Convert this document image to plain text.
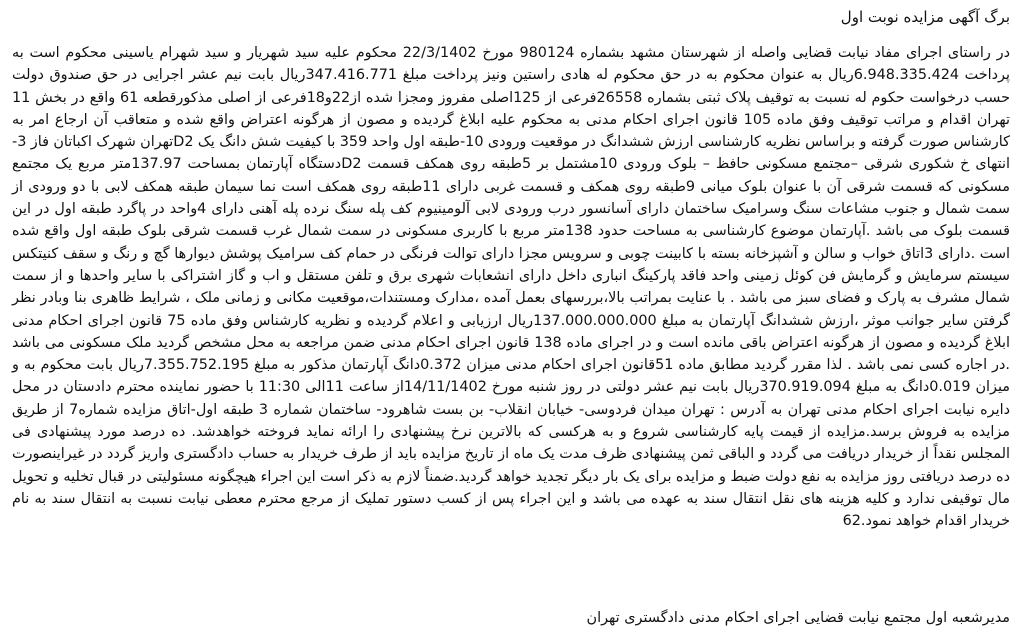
برگ آگهی مزایده نوبت اول

در راستای اجرای مفاد نیابت قضایی واصله از شهرستان مشهد بشماره 980124 مورخ 22/3/1402 محکوم علیه سید شهریار و سید شهرام یاسینی محکوم است به پرداخت 6.948.335.424ریال به عنوان محکوم به در حق محکوم له هادی راستین ونیز پرداخت مبلغ 347.416.771ریال بابت نیم عشر اجرایی در حق صندوق دولت حسب درخواست حکوم له نسبت به توقیف پلاک ثبتی بشماره 26558فرعی از 125اصلی مفروز ومجزا شده از22و18فرعی از اصلی مذکورقطعه 61 واقع در بخش 11 تهران اقدام و مراتب توقیف وفق ماده 105 قانون اجرای احکام مدنی به محکوم علیه ابلاغ گردیده و مصون از هرگونه اعتراض واقع شده و متعاقب آن ارجاع امر به کارشناس صورت گرفته و براساس نظریه کارشناسی ارزش ششدانگ در موقعیت ورودی 10-طبقه اول واحد 359 با کیفیت شش دانگ یک D2تهران شهرک اکباتان فاز 3-انتهای خ شکوری شرقی –مجتمع مسکونی حافظ – بلوک ورودی 10مشتمل بر 5طبقه روی همکف قسمت D2دستگاه آپارتمان بمساحت 137.97متر مربع یک مجتمع مسکونی که قسمت شرقی آن با عنوان بلوک میانی 9طبقه روی همکف و قسمت غربی دارای 11طبقه روی همکف است نما سیمان طبقه همکف لابی با دو ورودی از سمت شمال و جنوب مشاعات سنگ وسرامیک ساختمان دارای آسانسور درب ورودی لابی آلومینیوم کف پله سنگ نرده پله آهنی دارای 4واحد در پاگرد طبقه اول در این قسمت بلوک می باشد .آپارتمان موضوع کارشناسی به مساحت حدود 138متر مربع با کاربری مسکونی در سمت شمال غرب قسمت شرقی بلوک طبقه اول واقع شده است .دارای 3اتاق خواب و سالن و آشپزخانه بسته با کابینت چوبی و سرویس مجزا دارای توالت فرنگی در حمام کف سرامیک پوشش دیوارها گچ و رنگ و سقف کنیتکس سیستم سرمایش و گرمایش فن کوئل زمینی واحد فاقد پارکینگ انباری داخل دارای انشعابات شهری برق و تلفن مستقل و اب و گاز اشتراکی با سایر واحدها و از سمت شمال مشرف به پارک و فضای سبز می باشد . با عنایت بمراتب بالا،بررسهای بعمل آمده ،مدارک ومستندات،موقعیت مکانی و زمانی ملک ، شرایط ظاهری بنا وبادر نظر گرفتن سایر جوانب موثر ،ارزش ششدانگ آپارتمان به مبلغ 137.000.000.000ریال ارزیابی و اعلام گردیده و نظریه کارشناس وفق ماده 75 قانون اجرای احکام مدنی ابلاغ گردیده و مصون از هرگونه اعتراض باقی مانده است و در اجرای ماده 138 قانون اجرای احکام مدنی ضمن مراجعه به محل مشخص گردید ملک مسکونی می باشد .در اجاره کسی نمی باشد . لذا مقرر گردید مطابق ماده 51قانون اجرای احکام مدنی میزان 0.372دانگ آپارتمان مذکور به مبلغ 7.355.752.195ریال بابت محکوم به و میزان 0.019دانگ به مبلغ 370.919.094ریال بابت نیم عشر دولتی در روز شنبه مورخ 14/11/1402از ساعت 11الی 11:30 با حضور نماینده محترم دادستان در محل دایره نیابت اجرای احکام مدنی تهران به آدرس : تهران میدان فردوسی- خیابان انقلاب- بن بست شاهرود- ساختمان شماره 3 طبقه اول-اتاق مزایده شماره7 از طریق مزایده به فروش برسد.مزایده از قیمت پایه کارشناسی شروع و به هرکسی که بالاترین نرخ پیشنهادی را ارائه نماید فروخته خواهدشد. ده درصد مورد پیشنهادی فی المجلس نقداً از خریدار دریافت می گردد و الباقی ثمن پیشنهادی ظرف مدت یک ماه از تاریخ مزایده باید از طرف خریدار به حساب دادگستری واریز گردد در غیراینصورت ده درصد دریافتی روز مزایده به نفع دولت ضبط و مزایده برای یک بار دیگر تجدید خواهد گردید.ضمناً لازم به ذکر است این اجراء هیچگونه مسئولیتی در قبال تخلیه و تحویل مال توقیفی ندارد و کلیه هزینه های نقل انتقال سند به عهده می باشد و این اجراء پس از کسب دستور تملیک از مرجع محترم معطی نیابت نسبت به انتقال سند به نام خریدار اقدام خواهد نمود.62

مدیرشعبه اول مجتمع نیابت قضایی اجرای احکام مدنی دادگستری تهران
